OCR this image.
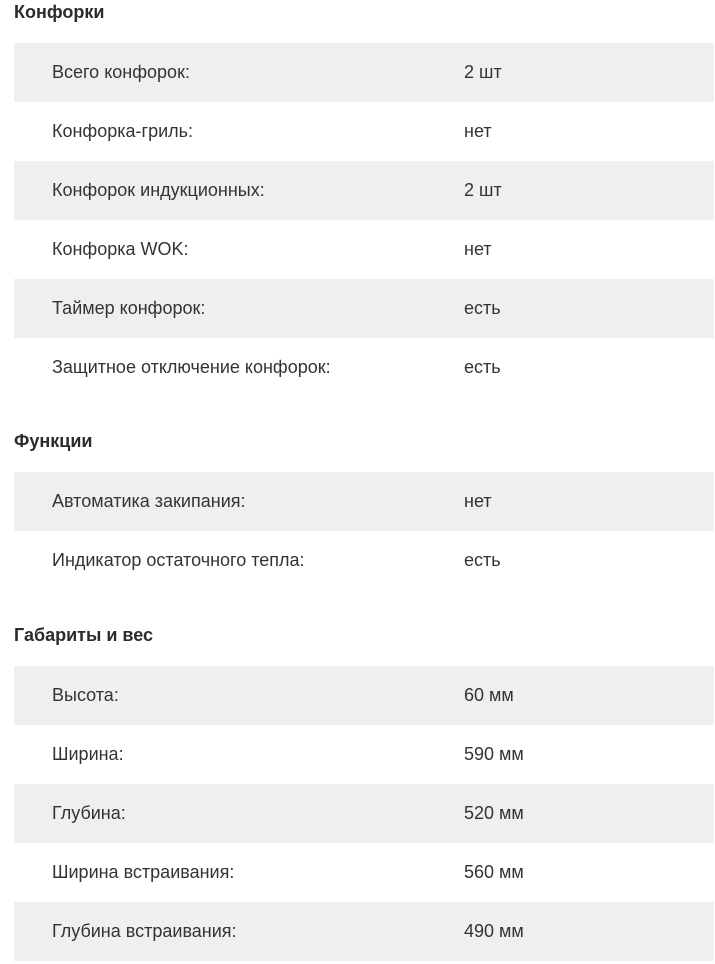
Конфорки
Всего конфорок:	2 шт
Конфорка-гриль:	нет
Конфорок индукционных:	2 шт
Конфорка WOK:	нет
Таймер конфорок:	есть
Защитное отключение конфорок:	есть
Функции
Автоматика закипания:	нет
Индикатор остаточного тепла:	есть
Габариты и вес
Высота:	60 мм
Ширина:	590 мм
Глубина:	520 мм
Ширина встраивания:	560 мм
Глубина встраивания:	490 мм
